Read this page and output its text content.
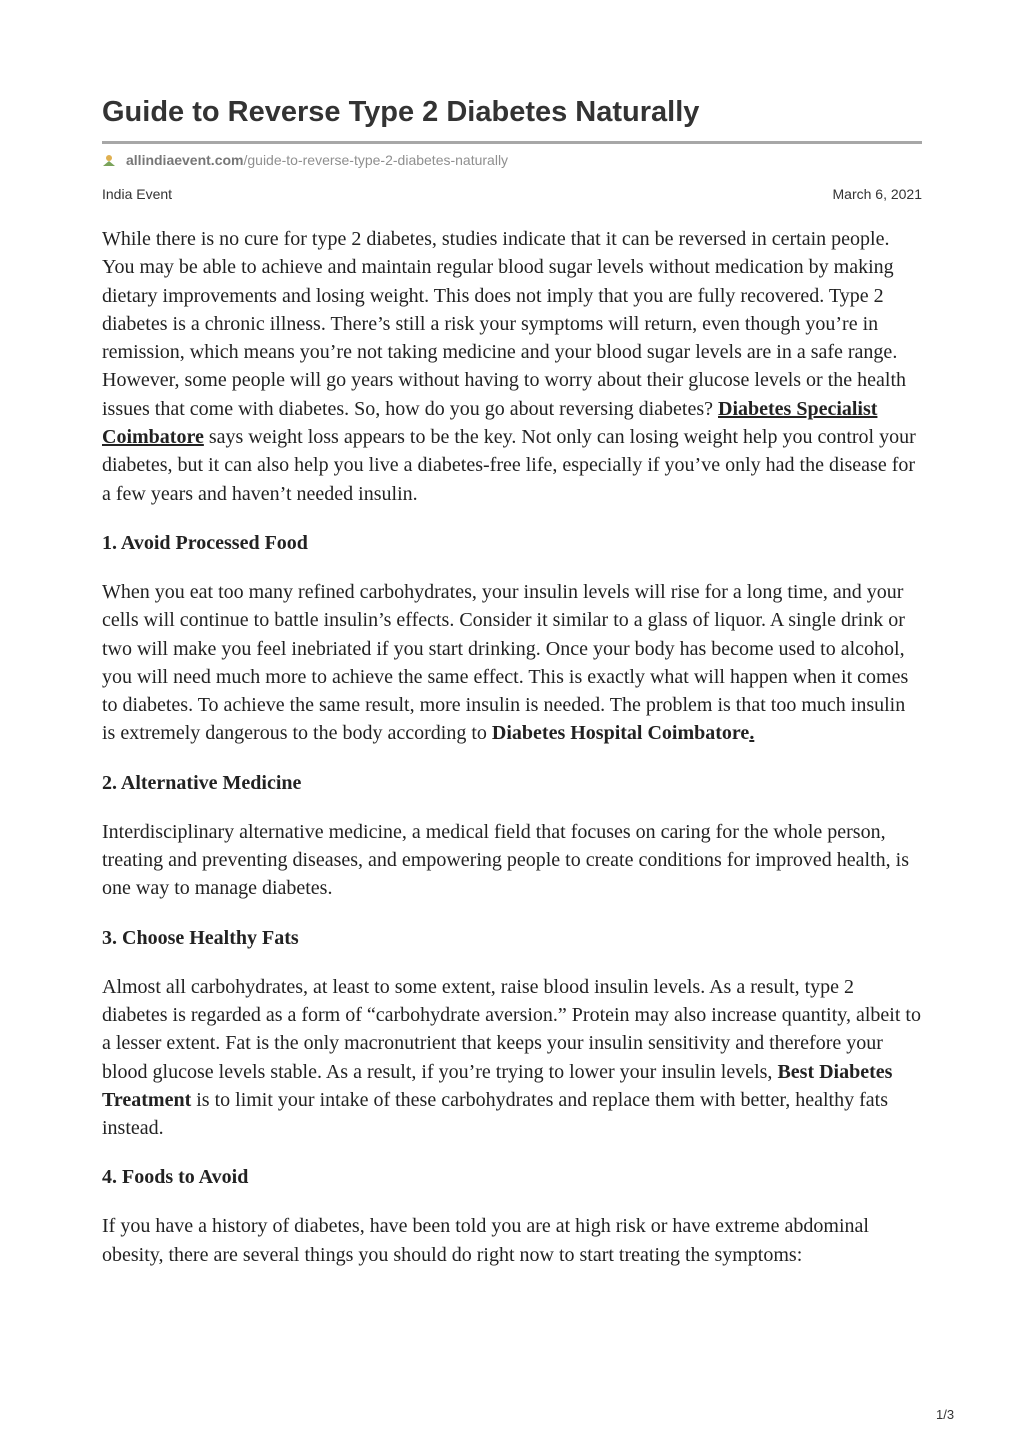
Guide to Reverse Type 2 Diabetes Naturally
allindiaevent.com /guide-to-reverse-type-2-diabetes-naturally
India Event	March 6, 2021

While there is no cure for type 2 diabetes, studies indicate that it can be reversed in certain people. You may be able to achieve and maintain regular blood sugar levels without medication by making dietary improvements and losing weight. This does not imply that you are fully recovered. Type 2 diabetes is a chronic illness. There’s still a risk your symptoms will return, even though you’re in remission, which means you’re not taking medicine and your blood sugar levels are in a safe range. However, some people will go years without having to worry about their glucose levels or the health issues that come with diabetes. So, how do you go about reversing diabetes? Diabetes Specialist Coimbatore says weight loss appears to be the key. Not only can losing weight help you control your diabetes, but it can also help you live a diabetes-free life, especially if you’ve only had the disease for a few years and haven’t needed insulin.

1. Avoid Processed Food

When you eat too many refined carbohydrates, your insulin levels will rise for a long time, and your cells will continue to battle insulin’s effects. Consider it similar to a glass of liquor. A single drink or two will make you feel inebriated if you start drinking. Once your body has become used to alcohol, you will need much more to achieve the same effect. This is exactly what will happen when it comes to diabetes. To achieve the same result, more insulin is needed. The problem is that too much insulin is extremely dangerous to the body according to Diabetes Hospital Coimbatore.

2. Alternative Medicine

Interdisciplinary alternative medicine, a medical field that focuses on caring for the whole person, treating and preventing diseases, and empowering people to create conditions for improved health, is one way to manage diabetes.

3. Choose Healthy Fats

Almost all carbohydrates, at least to some extent, raise blood insulin levels. As a result, type 2 diabetes is regarded as a form of “carbohydrate aversion.” Protein may also increase quantity, albeit to a lesser extent. Fat is the only macronutrient that keeps your insulin sensitivity and therefore your blood glucose levels stable. As a result, if you’re trying to lower your insulin levels, Best Diabetes Treatment is to limit your intake of these carbohydrates and replace them with better, healthy fats instead.

4. Foods to Avoid

If you have a history of diabetes, have been told you are at high risk or have extreme abdominal obesity, there are several things you should do right now to start treating the symptoms:

1/3
